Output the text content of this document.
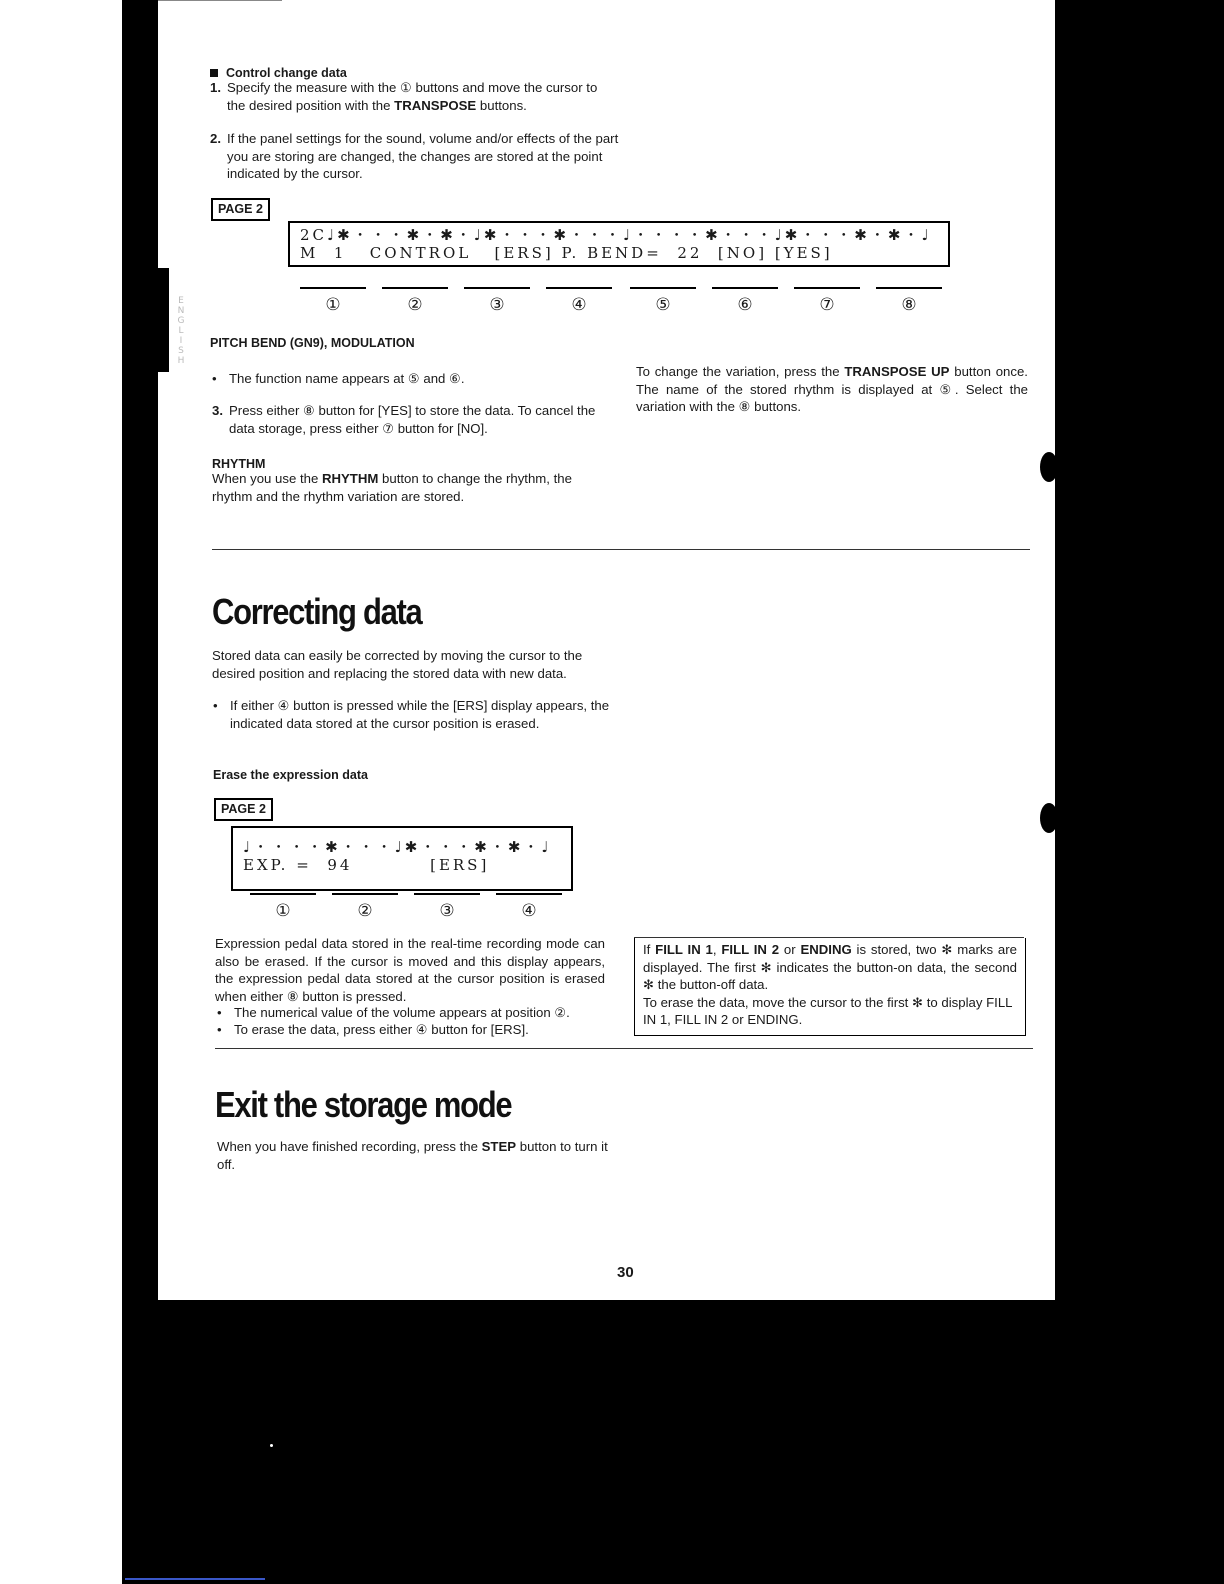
E
N
G
L
I
S
H
Control change data
1. Specify the measure with the ① buttons and move the cursor to the desired position with the TRANSPOSE buttons.
2. If the panel settings for the sound, volume and/or effects of the part you are storing are changed, the changes are stored at the point indicated by the cursor.
PAGE 2
2C♩✱・・・✱・✱・♩✱・・・✱・・・♩・・・・✱・・・♩✱・・・✱・✱・♩
M  1   CONTROL   [ERS] P. BEND=  22  [NO] [YES]
①	②	③	④	⑤	⑥	⑦	⑧
PITCH BEND (GN9), MODULATION
• The function name appears at ⑤ and ⑥.
3. Press either ⑧ button for [YES] to store the data. To cancel the data storage, press either ⑦ button for [NO].
RHYTHM
When you use the RHYTHM button to change the rhythm, the rhythm and the rhythm variation are stored.
To change the variation, press the TRANSPOSE UP button once. The name of the stored rhythm is displayed at ⑤. Select the variation with the ⑧ buttons.
Correcting data
Stored data can easily be corrected by moving the cursor to the desired position and replacing the stored data with new data.
• If either ④ button is pressed while the [ERS] display appears, the indicated data stored at the cursor position is erased.
Erase the expression data
PAGE 2
♩・・・・✱・・・♩✱・・・✱・✱・♩
EXP. =  94          [ERS]
①	②	③	④
Expression pedal data stored in the real-time recording mode can also be erased. If the cursor is moved and this display appears, the expression pedal data stored at the cursor position is erased when either ⑧ button is pressed.
• The numerical value of the volume appears at position ②.
• To erase the data, press either ④ button for [ERS].
If FILL IN 1, FILL IN 2 or ENDING is stored, two ✻ marks are displayed. The first ✻ indicates the button-on data, the second ✻ the button-off data.
To erase the data, move the cursor to the first ✻ to display FILL IN 1, FILL IN 2 or ENDING.
Exit the storage mode
When you have finished recording, press the STEP button to turn it off.
30
